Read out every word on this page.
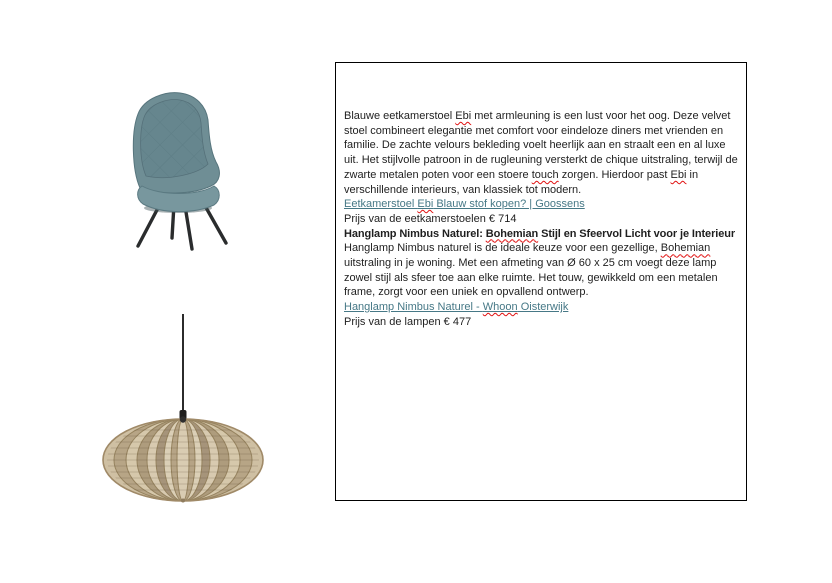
Blauwe eetkamerstoel Ebi met armleuning is een lust voor het oog. Deze velvet stoel combineert elegantie met comfort voor eindeloze diners met vrienden en familie. De zachte velours bekleding voelt heerlijk aan en straalt een en al luxe uit. Het stijlvolle patroon in de rugleuning versterkt de chique uitstraling, terwijl de zwarte metalen poten voor een stoere touch zorgen. Hierdoor past Ebi in verschillende interieurs, van klassiek tot modern.

Eetkamerstoel Ebi Blauw stof kopen? | Goossens

Prijs van de eetkamerstoelen € 714

Hanglamp Nimbus Naturel: Bohemian Stijl en Sfeervol Licht voor je Interieur

Hanglamp Nimbus naturel is de ideale keuze voor een gezellige, Bohemian uitstraling in je woning. Met een afmeting van Ø 60 x 25 cm voegt deze lamp zowel stijl als sfeer toe aan elke ruimte. Het touw, gewikkeld om een metalen frame, zorgt voor een uniek en opvallend ontwerp.

Hanglamp Nimbus Naturel - Whoon Oisterwijk

Prijs van de lampen € 477
